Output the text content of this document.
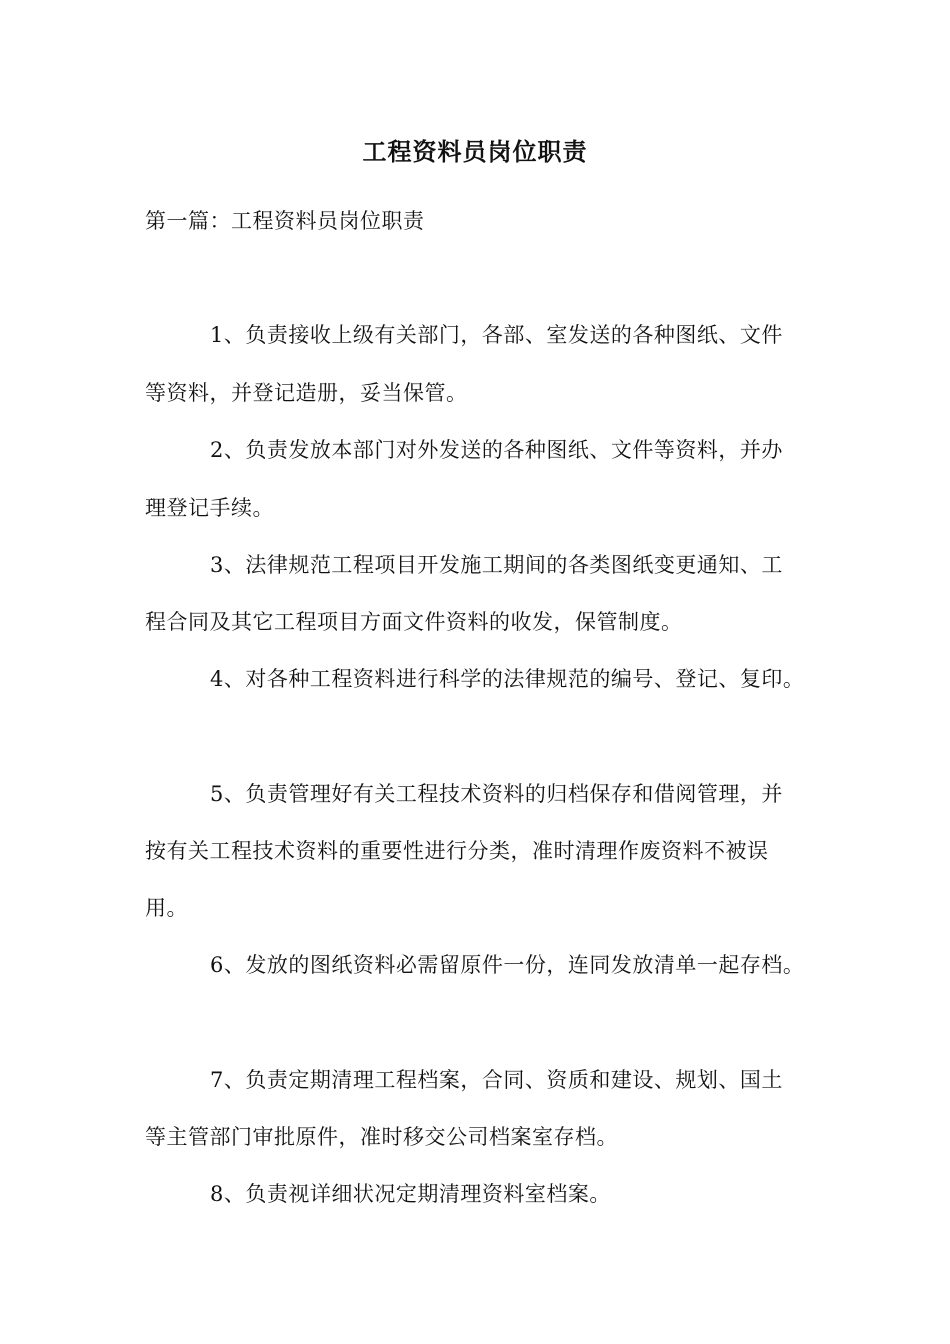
工程资料员岗位职责
第一篇：工程资料员岗位职责
1、负责接收上级有关部门，各部、室发送的各种图纸、文件
等资料，并登记造册，妥当保管。
2、负责发放本部门对外发送的各种图纸、文件等资料，并办
理登记手续。
3、法律规范工程项目开发施工期间的各类图纸变更通知、工
程合同及其它工程项目方面文件资料的收发，保管制度。
4、对各种工程资料进行科学的法律规范的编号、登记、复印。
5、负责管理好有关工程技术资料的归档保存和借阅管理，并
按有关工程技术资料的重要性进行分类，准时清理作废资料不被误
用。
6、发放的图纸资料必需留原件一份，连同发放清单一起存档。
7、负责定期清理工程档案，合同、资质和建设、规划、国土
等主管部门审批原件，准时移交公司档案室存档。
8、负责视详细状况定期清理资料室档案。
